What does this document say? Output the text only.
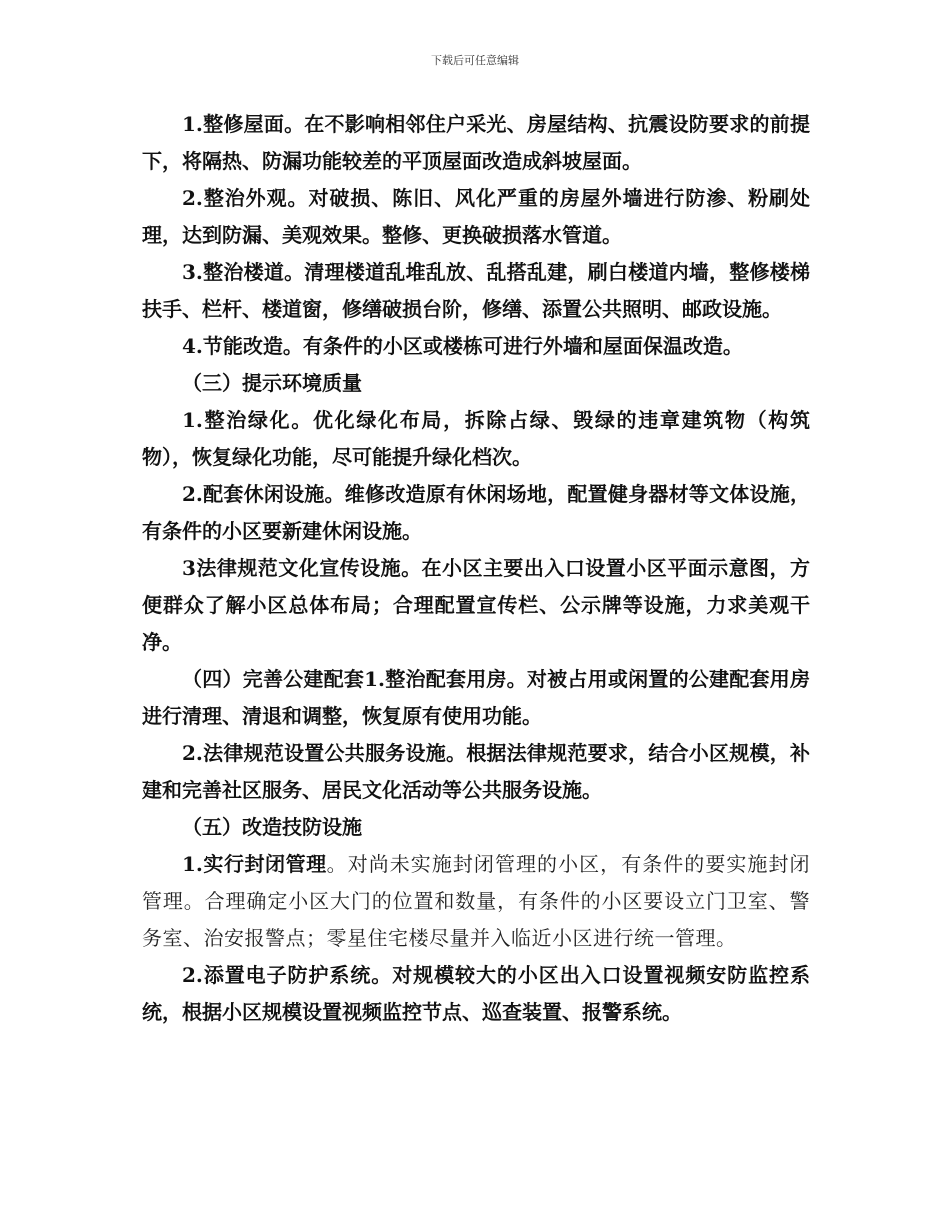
下载后可任意编辑

1.整修屋面。在不影响相邻住户采光、房屋结构、抗震设防要求的前提下，将隔热、防漏功能较差的平顶屋面改造成斜坡屋面。

2.整治外观。对破损、陈旧、风化严重的房屋外墙进行防渗、粉刷处理，达到防漏、美观效果。整修、更换破损落水管道。

3.整治楼道。清理楼道乱堆乱放、乱搭乱建，刷白楼道内墙，整修楼梯扶手、栏杆、楼道窗，修缮破损台阶，修缮、添置公共照明、邮政设施。

4.节能改造。有条件的小区或楼栋可进行外墙和屋面保温改造。

（三）提示环境质量

1.整治绿化。优化绿化布局，拆除占绿、毁绿的违章建筑物（构筑物），恢复绿化功能，尽可能提升绿化档次。

2.配套休闲设施。维修改造原有休闲场地，配置健身器材等文体设施，有条件的小区要新建休闲设施。

3法律规范文化宣传设施。在小区主要出入口设置小区平面示意图，方便群众了解小区总体布局；合理配置宣传栏、公示牌等设施，力求美观干净。

（四）完善公建配套1.整治配套用房。对被占用或闲置的公建配套用房进行清理、清退和调整，恢复原有使用功能。

2.法律规范设置公共服务设施。根据法律规范要求，结合小区规模，补建和完善社区服务、居民文化活动等公共服务设施。

（五）改造技防设施

1.实行封闭管理。对尚未实施封闭管理的小区，有条件的要实施封闭管理。合理确定小区大门的位置和数量，有条件的小区要设立门卫室、警务室、治安报警点；零星住宅楼尽量并入临近小区进行统一管理。

2.添置电子防护系统。对规模较大的小区出入口设置视频安防监控系统，根据小区规模设置视频监控节点、巡查装置、报警系统。
